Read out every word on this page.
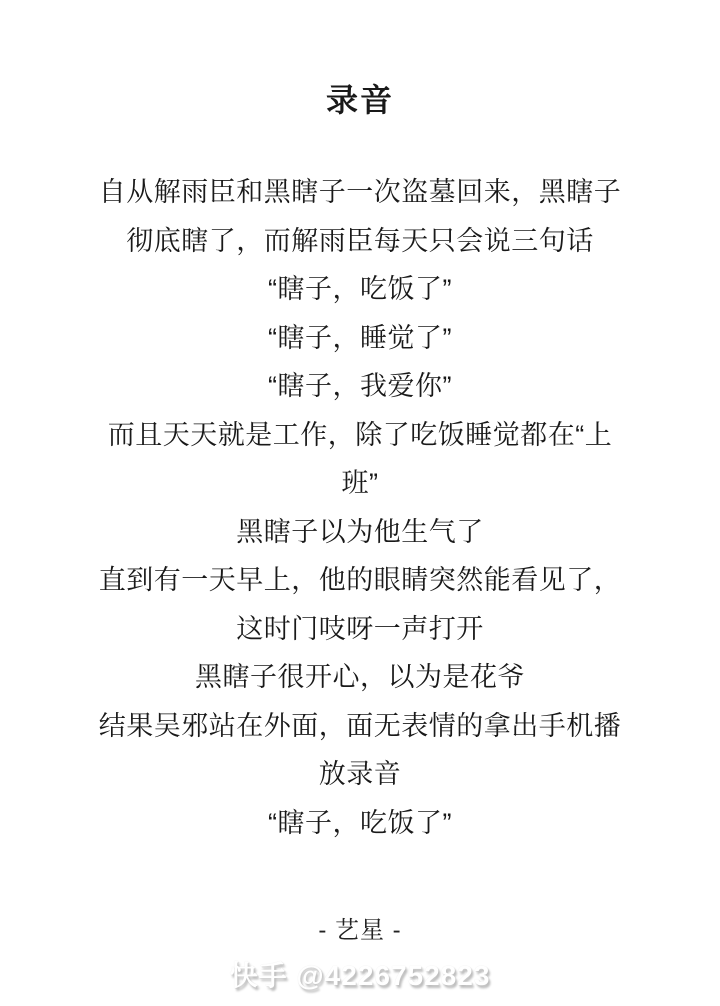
录音
自从解雨臣和黑瞎子一次盗墓回来，黑瞎子
彻底瞎了，而解雨臣每天只会说三句话
“瞎子，吃饭了”
“瞎子，睡觉了”
“瞎子，我爱你”
而且天天就是工作，除了吃饭睡觉都在“上
班”
黑瞎子以为他生气了
直到有一天早上，他的眼睛突然能看见了，
这时门吱呀一声打开
黑瞎子很开心，以为是花爷
结果吴邪站在外面，面无表情的拿出手机播
放录音
“瞎子，吃饭了”
- 艺星 -
快手 @4226752823
